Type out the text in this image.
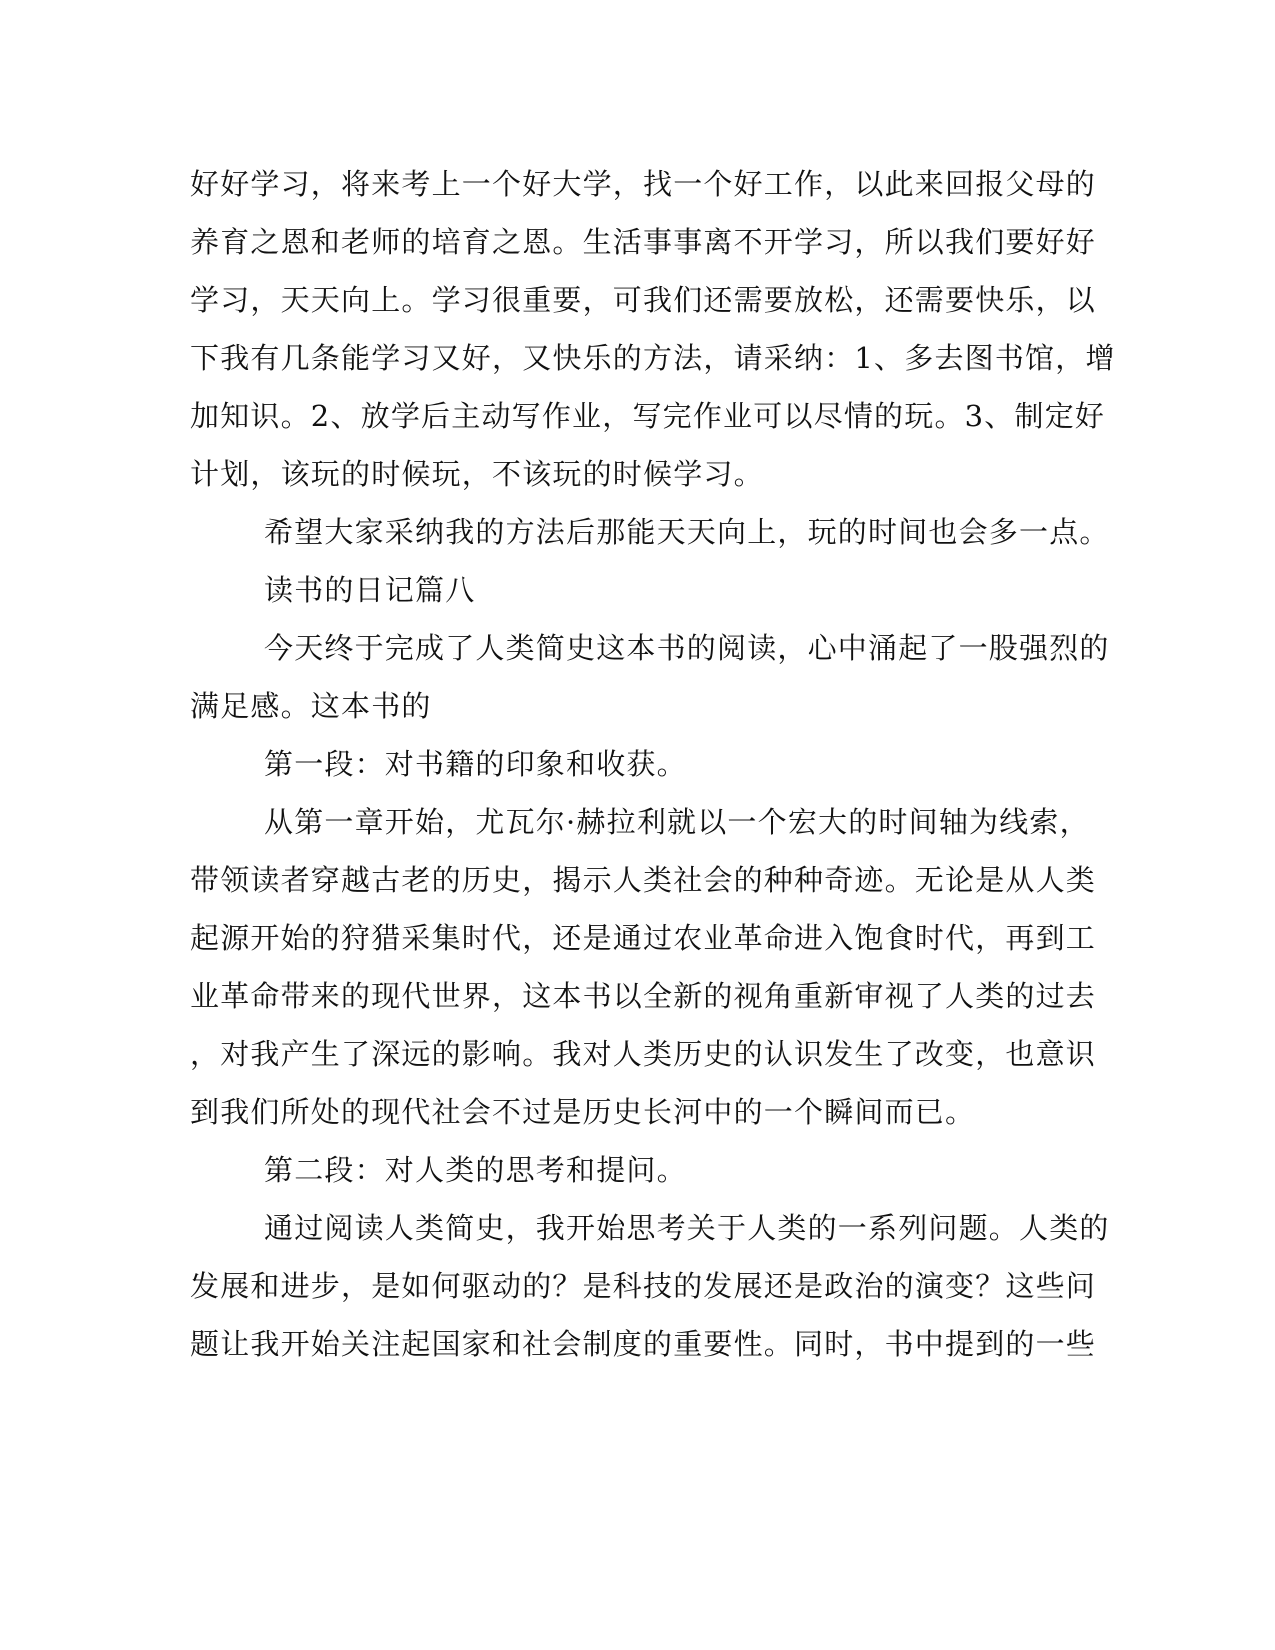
好好学习，将来考上一个好大学，找一个好工作，以此来回报父母的
养育之恩和老师的培育之恩。生活事事离不开学习，所以我们要好好
学习，天天向上。学习很重要，可我们还需要放松，还需要快乐，以
下我有几条能学习又好，又快乐的方法，请采纳：1、多去图书馆，增
加知识。2、放学后主动写作业，写完作业可以尽情的玩。3、制定好
计划，该玩的时候玩，不该玩的时候学习。
希望大家采纳我的方法后那能天天向上，玩的时间也会多一点。
读书的日记篇八
今天终于完成了人类简史这本书的阅读，心中涌起了一股强烈的
满足感。这本书的
第一段：对书籍的印象和收获。
从第一章开始，尤瓦尔·赫拉利就以一个宏大的时间轴为线索，
带领读者穿越古老的历史，揭示人类社会的种种奇迹。无论是从人类
起源开始的狩猎采集时代，还是通过农业革命进入饱食时代，再到工
业革命带来的现代世界，这本书以全新的视角重新审视了人类的过去
，对我产生了深远的影响。我对人类历史的认识发生了改变，也意识
到我们所处的现代社会不过是历史长河中的一个瞬间而已。
第二段：对人类的思考和提问。
通过阅读人类简史，我开始思考关于人类的一系列问题。人类的
发展和进步，是如何驱动的？是科技的发展还是政治的演变？这些问
题让我开始关注起国家和社会制度的重要性。同时，书中提到的一些
